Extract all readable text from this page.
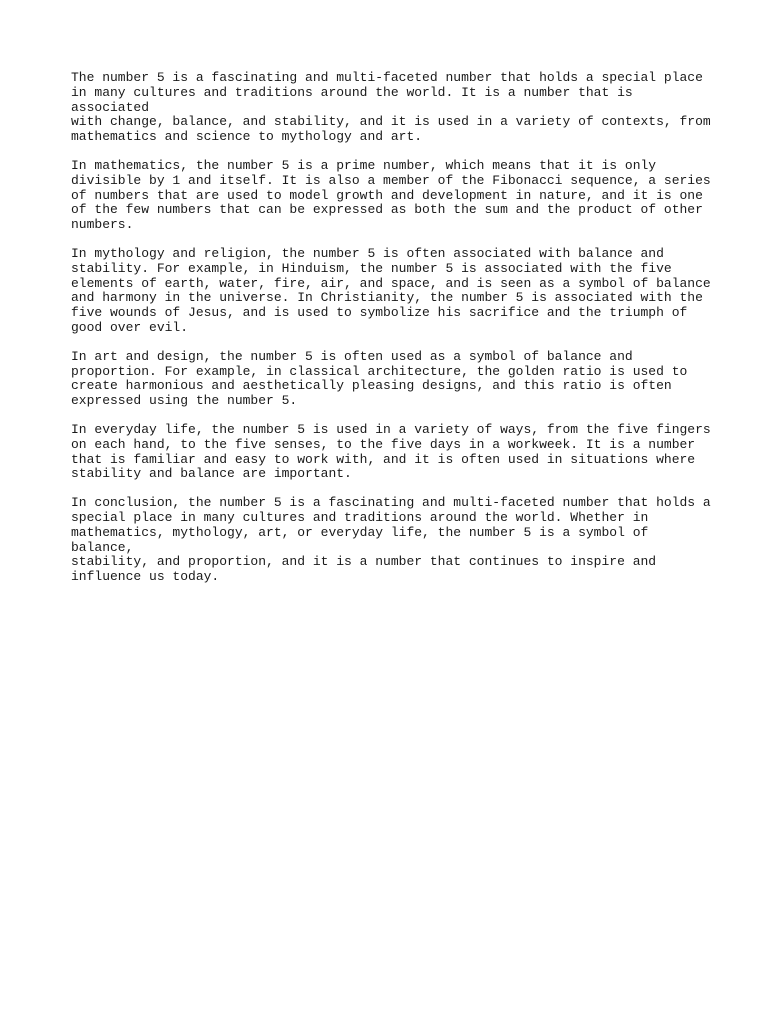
The number 5 is a fascinating and multi-faceted number that holds a special place
in many cultures and traditions around the world. It is a number that is associated
with change, balance, and stability, and it is used in a variety of contexts, from
mathematics and science to mythology and art.

In mathematics, the number 5 is a prime number, which means that it is only
divisible by 1 and itself. It is also a member of the Fibonacci sequence, a series
of numbers that are used to model growth and development in nature, and it is one
of the few numbers that can be expressed as both the sum and the product of other
numbers.

In mythology and religion, the number 5 is often associated with balance and
stability. For example, in Hinduism, the number 5 is associated with the five
elements of earth, water, fire, air, and space, and is seen as a symbol of balance
and harmony in the universe. In Christianity, the number 5 is associated with the
five wounds of Jesus, and is used to symbolize his sacrifice and the triumph of
good over evil.

In art and design, the number 5 is often used as a symbol of balance and
proportion. For example, in classical architecture, the golden ratio is used to
create harmonious and aesthetically pleasing designs, and this ratio is often
expressed using the number 5.

In everyday life, the number 5 is used in a variety of ways, from the five fingers
on each hand, to the five senses, to the five days in a workweek. It is a number
that is familiar and easy to work with, and it is often used in situations where
stability and balance are important.

In conclusion, the number 5 is a fascinating and multi-faceted number that holds a
special place in many cultures and traditions around the world. Whether in
mathematics, mythology, art, or everyday life, the number 5 is a symbol of balance,
stability, and proportion, and it is a number that continues to inspire and
influence us today.
